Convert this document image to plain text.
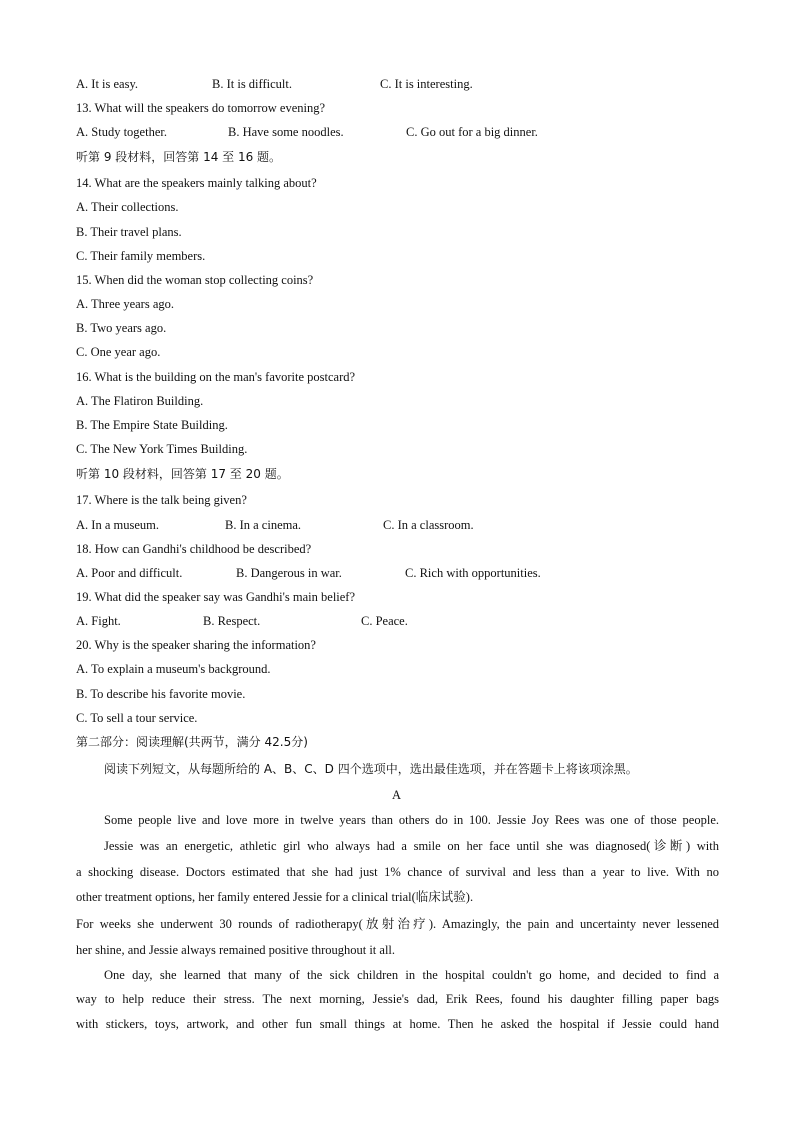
A. It is easy.	B. It is difficult.	C. It is interesting.
13. What will the speakers do tomorrow evening?
A. Study together.	B. Have some noodles.	C. Go out for a big dinner.
听第 9 段材料，回答第 14 至 16 题。
14. What are the speakers mainly talking about?
A. Their collections.
B. Their travel plans.
C. Their family members.
15. When did the woman stop collecting coins?
A. Three years ago.
B. Two years ago.
C. One year ago.
16. What is the building on the man's favorite postcard?
A. The Flatiron Building.
B. The Empire State Building.
C. The New York Times Building.
听第 10 段材料，回答第 17 至 20 题。
17. Where is the talk being given?
A. In a museum.	B. In a cinema.	C. In a classroom.
18. How can Gandhi's childhood be described?
A. Poor and difficult.	B. Dangerous in war.	C. Rich with opportunities.
19. What did the speaker say was Gandhi's main belief?
A. Fight.	B. Respect.	C. Peace.
20. Why is the speaker sharing the information?
A. To explain a museum's background.
B. To describe his favorite movie.
C. To sell a tour service.
第二部分：阅读理解(共两节，满分 42.5分)
阅读下列短文，从每题所给的 A、B、C、D 四个选项中，选出最佳选项，并在答题卡上将该项涂黑。
A
Some people live and love more in twelve years than others do in 100. Jessie Joy Rees was one of those people.
Jessie was an energetic, athletic girl who always had a smile on her face until she was diagnosed(诊断) with
a shocking disease. Doctors estimated that she had just 1% chance of survival and less than a year to live. With no
other treatment options, her family entered Jessie for a clinical trial(临床试验).
For weeks she underwent 30 rounds of radiotherapy(放射治疗). Amazingly, the pain and uncertainty never lessened
her shine, and Jessie always remained positive throughout it all.
One day, she learned that many of the sick children in the hospital couldn't go home, and decided to find a
way to help reduce their stress. The next morning, Jessie's dad, Erik Rees, found his daughter filling paper bags
with stickers, toys, artwork, and other fun small things at home. Then he asked the hospital if Jessie could hand
